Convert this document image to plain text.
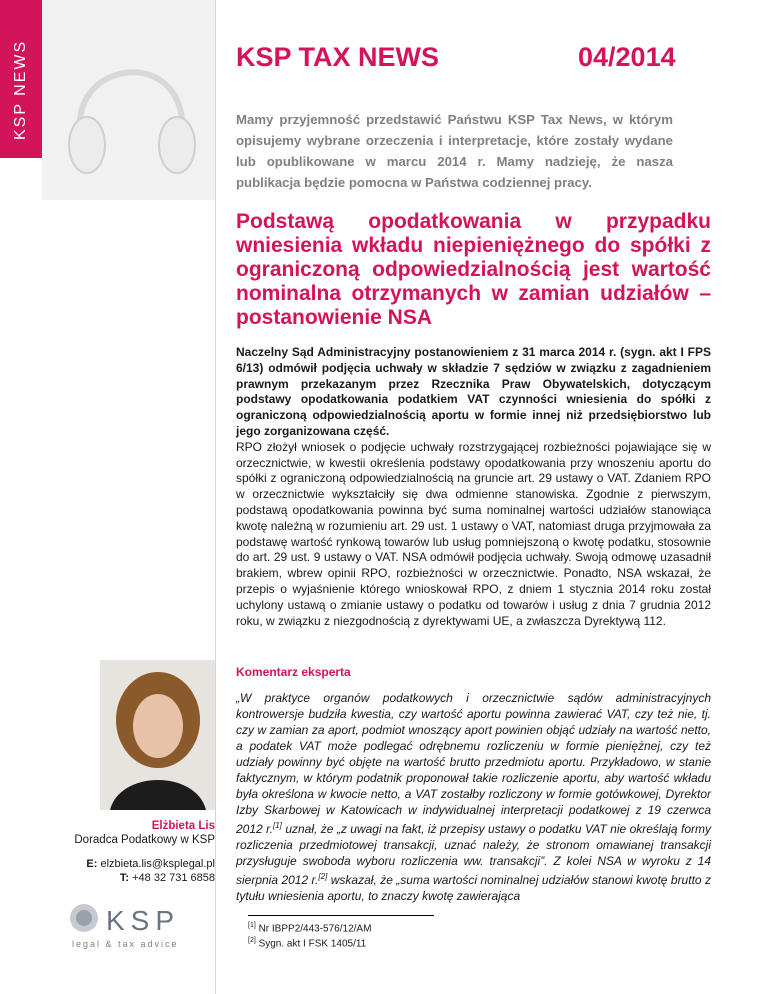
KSP NEWS	KSP TAX NEWS	04/2014
Mamy przyjemność przedstawić Państwu KSP Tax News, w którym opisujemy wybrane orzeczenia i interpretacje, które zostały wydane lub opublikowane w marcu 2014 r. Mamy nadzieję, że nasza publikacja będzie pomocna w Państwa codziennej pracy.
Podstawą opodatkowania w przypadku wniesienia wkładu niepieniężnego do spółki z ograniczoną odpowiedzialnością jest wartość nominalna otrzymanych w zamian udziałów – postanowienie NSA

Naczelny Sąd Administracyjny postanowieniem z 31 marca 2014 r. (sygn. akt I FPS 6/13) odmówił podjęcia uchwały w składzie 7 sędziów w związku z zagadnieniem prawnym przekazanym przez Rzecznika Praw Obywatelskich, dotyczącym podstawy opodatkowania podatkiem VAT czynności wniesienia do spółki z ograniczoną odpowiedzialnością aportu w formie innej niż przedsiębiorstwo lub jego zorganizowana część.

RPO złożył wniosek o podjęcie uchwały rozstrzygającej rozbieżności pojawiające się w orzecznictwie, w kwestii określenia podstawy opodatkowania przy wnoszeniu aportu do spółki z ograniczoną odpowiedzialnością na gruncie art. 29 ustawy o VAT. Zdaniem RPO w orzecznictwie wykształciły się dwa odmienne stanowiska. Zgodnie z pierwszym, podstawą opodatkowania powinna być suma nominalnej wartości udziałów stanowiąca kwotę należną w rozumieniu art. 29 ust. 1 ustawy o VAT, natomiast druga przyjmowała za podstawę wartość rynkową towarów lub usług pomniejszoną o kwotę podatku, stosownie do art. 29 ust. 9 ustawy o VAT. NSA odmówił podjęcia uchwały. Swoją odmowę uzasadnił brakiem, wbrew opinii RPO, rozbieżności w orzecznictwie. Ponadto, NSA wskazał, że przepis o wyjaśnienie którego wnioskował RPO, z dniem 1 stycznia 2014 roku został uchylony ustawą o zmianie ustawy o podatku od towarów i usług z dnia 7 grudnia 2012 roku, w związku z niezgodnością z dyrektywami UE, a zwłaszcza Dyrektywą 112.

Komentarz eksperta
Elżbieta Lis
Doradca Podatkowy w KSP
E: elzbieta.lis@ksplegal.pl
T: +48 32 731 6858
„W praktyce organów podatkowych i orzecznictwie sądów administracyjnych kontrowersje budziła kwestia, czy wartość aportu powinna zawierać VAT, czy też nie, tj. czy w zamian za aport, podmiot wnoszący aport powinien objąć udziały na wartość netto, a podatek VAT może podlegać odrębnemu rozliczeniu w formie pieniężnej, czy też udziały powinny być objęte na wartość brutto przedmiotu aportu. Przykładowo, w stanie faktycznym, w którym podatnik proponował takie rozliczenie aportu, aby wartość wkładu była określona w kwocie netto, a VAT zostałby rozliczony w formie gotówkowej, Dyrektor Izby Skarbowej w Katowicach w indywidualnej interpretacji podatkowej z 19 czerwca 2012 r.[1] uznał, że „z uwagi na fakt, iż przepisy ustawy o podatku VAT nie określają formy rozliczenia przedmiotowej transakcji, uznać należy, że stronom omawianej transakcji przysługuje swoboda wyboru rozliczenia ww. transakcji”. Z kolei NSA w wyroku z 14 sierpnia 2012 r.[2] wskazał, że „suma wartości nominalnej udziałów stanowi kwotę brutto z tytułu wniesienia aportu, to znaczy kwotę zawierająca
KSP
legal & tax advice
[1] Nr IBPP2/443-576/12/AM
[2] Sygn. akt I FSK 1405/11
